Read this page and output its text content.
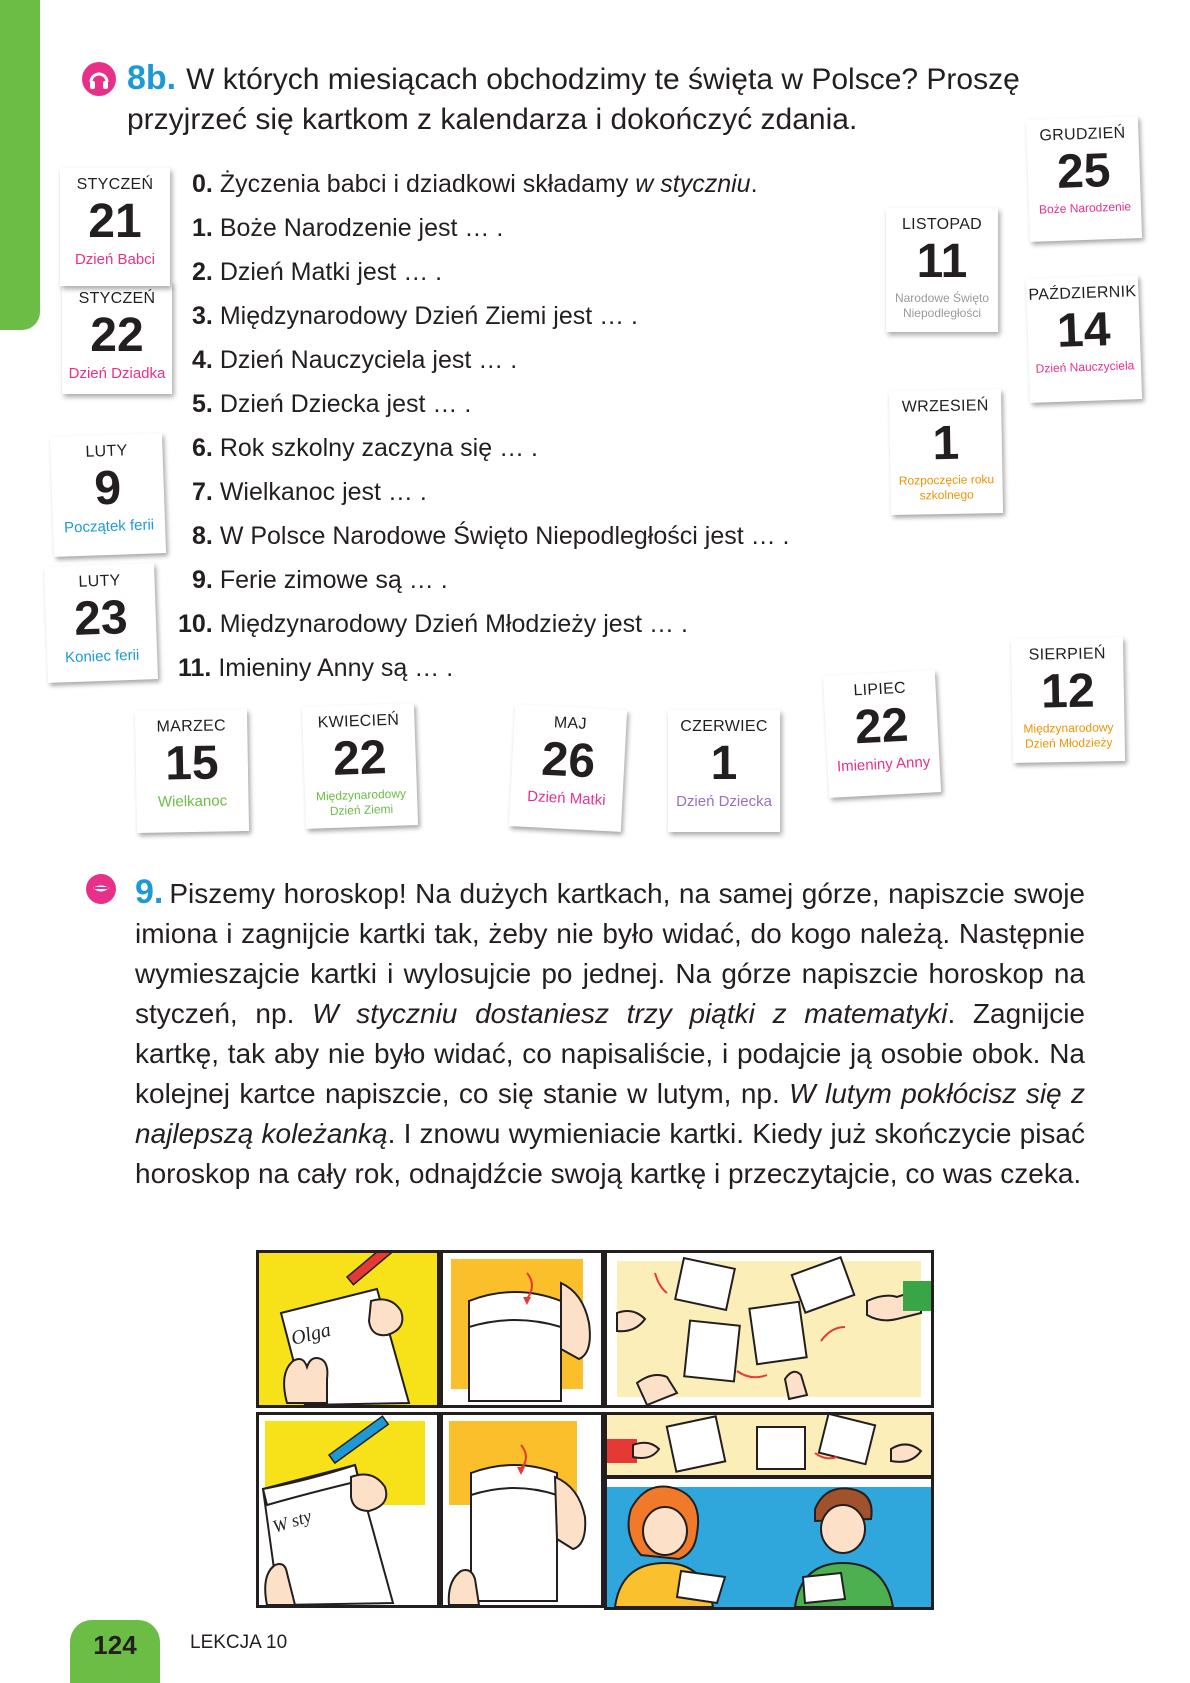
8b. W których miesiącach obchodzimy te święta w Polsce? Proszę
przyjrzeć się kartkom z kalendarza i dokończyć zdania.
0. Życzenia babci i dziadkowi składamy w styczniu.
1. Boże Narodzenie jest … .
2. Dzień Matki jest … .
3. Międzynarodowy Dzień Ziemi jest … .
4. Dzień Nauczyciela jest … .
5. Dzień Dziecka jest … .
6. Rok szkolny zaczyna się … .
7. Wielkanoc jest … .
8. W Polsce Narodowe Święto Niepodległości jest … .
9. Ferie zimowe są … .
10. Międzynarodowy Dzień Młodzieży jest … .
11. Imieniny Anny są … .
STYCZEŃ
22
Dzień Dziadka
STYCZEŃ
21
Dzień Babci
LUTY
23
Koniec ferii
LUTY
9
Początek ferii
MARZEC
15
Wielkanoc
KWIECIEŃ
22
Międzynarodowy Dzień Ziemi
MAJ
26
Dzień Matki
CZERWIEC
1
Dzień Dziecka
LIPIEC
22
Imieniny Anny
SIERPIEŃ
12
Międzynarodowy Dzień Młodzieży
WRZESIEŃ
1
Rozpoczęcie roku szkolnego
PAŹDZIERNIK
14
Dzień Nauczyciela
LISTOPAD
11
Narodowe Święto Niepodległości
GRUDZIEŃ
25
Boże Narodzenie
9. Piszemy horoskop! Na dużych kartkach, na samej górze, napiszcie swoje imiona i zagnijcie kartki tak, żeby nie było widać, do kogo należą. Następnie wymieszajcie kartki i wylosujcie po jednej. Na górze napiszcie horoskop na styczeń, np. W styczniu dostaniesz trzy piątki z matematyki. Zagnijcie kartkę, tak aby nie było widać, co napisaliście, i podajcie ją osobie obok. Na kolejnej kartce napiszcie, co się stanie w lutym, np. W lutym pokłócisz się z najlepszą koleżanką. I znowu wymieniacie kartki. Kiedy już skończycie pisać horoskop na cały rok, odnajdźcie swoją kartkę i przeczytajcie, co was czeka.
Olga
W sty
124	LEKCJA 10
